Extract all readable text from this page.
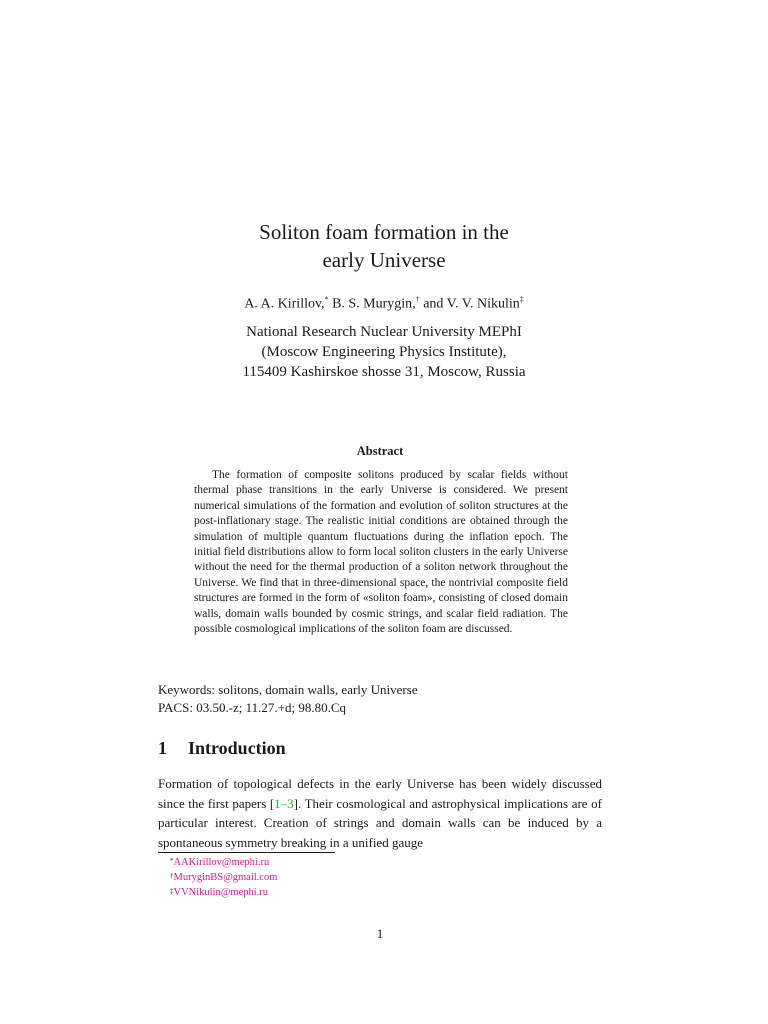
Soliton foam formation in the
early Universe
A. A. Kirillov,* B. S. Murygin,† and V. V. Nikulin‡
National Research Nuclear University MEPhI
(Moscow Engineering Physics Institute),
115409 Kashirskoe shosse 31, Moscow, Russia
Abstract
The formation of composite solitons produced by scalar fields without thermal phase transitions in the early Universe is considered. We present numerical simulations of the formation and evolution of soliton structures at the post-inflationary stage. The realistic initial conditions are obtained through the simulation of multiple quantum fluctuations during the inflation epoch. The initial field distributions allow to form local soliton clusters in the early Universe without the need for the thermal production of a soliton network throughout the Universe. We find that in three-dimensional space, the nontrivial composite field structures are formed in the form of «soliton foam», consisting of closed domain walls, domain walls bounded by cosmic strings, and scalar field radiation. The possible cosmological implications of the soliton foam are discussed.
Keywords: solitons, domain walls, early Universe
PACS: 03.50.-z; 11.27.+d; 98.80.Cq
1 Introduction
Formation of topological defects in the early Universe has been widely discussed since the first papers [1–3]. Their cosmological and astrophysical implications are of particular interest. Creation of strings and domain walls can be induced by a spontaneous symmetry breaking in a unified gauge
*AAKirillov@mephi.ru
†MuryginBS@gmail.com
‡VVNikulin@mephi.ru
1
